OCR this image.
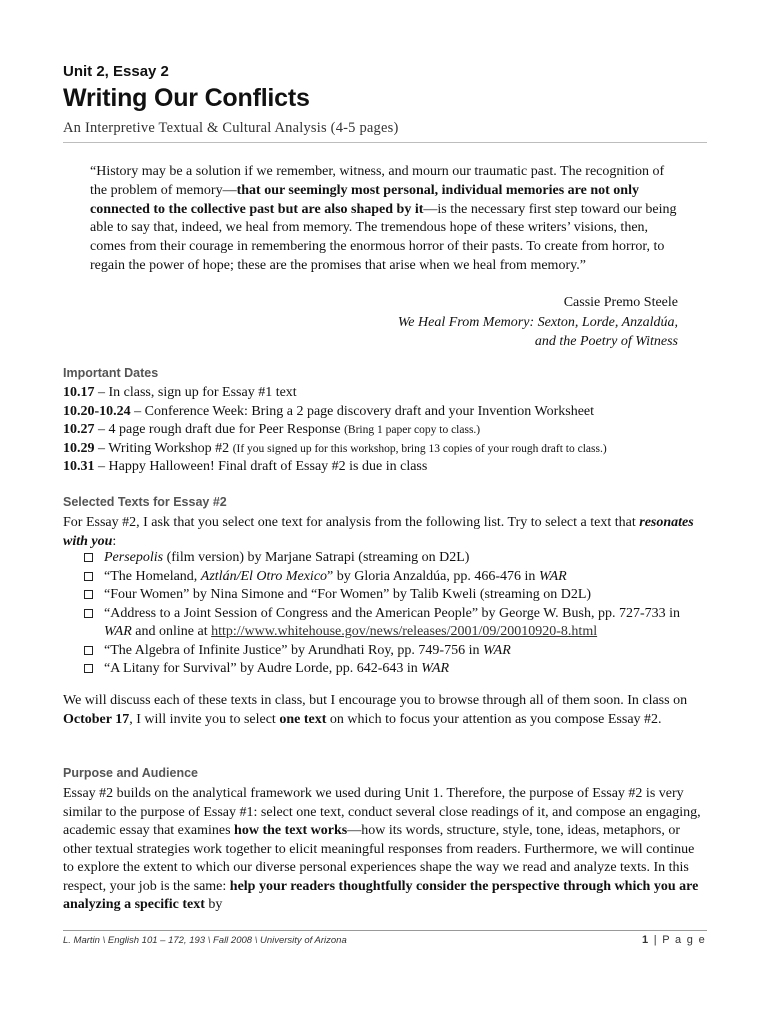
Unit 2, Essay 2
Writing Our Conflicts
An Interpretive Textual & Cultural Analysis (4-5 pages)
“History may be a solution if we remember, witness, and mourn our traumatic past. The recognition of the problem of memory—that our seemingly most personal, individual memories are not only connected to the collective past but are also shaped by it—is the necessary first step toward our being able to say that, indeed, we heal from memory. The tremendous hope of these writers’ visions, then, comes from their courage in remembering the enormous horror of their pasts. To create from horror, to regain the power of hope; these are the promises that arise when we heal from memory.”
Cassie Premo Steele
We Heal From Memory: Sexton, Lorde, Anzaldúa,
and the Poetry of Witness
Important Dates
10.17 – In class, sign up for Essay #1 text
10.20-10.24 – Conference Week: Bring a 2 page discovery draft and your Invention Worksheet
10.27 – 4 page rough draft due for Peer Response (Bring 1 paper copy to class.)
10.29 – Writing Workshop #2 (If you signed up for this workshop, bring 13 copies of your rough draft to class.)
10.31 – Happy Halloween! Final draft of Essay #2 is due in class
Selected Texts for Essay #2
For Essay #2, I ask that you select one text for analysis from the following list. Try to select a text that resonates with you:
Persepolis (film version) by Marjane Satrapi (streaming on D2L)
“The Homeland, Aztlán/El Otro Mexico” by Gloria Anzaldúa, pp. 466-476 in WAR
“Four Women” by Nina Simone and “For Women” by Talib Kweli (streaming on D2L)
“Address to a Joint Session of Congress and the American People” by George W. Bush, pp. 727-733 in WAR and online at http://www.whitehouse.gov/news/releases/2001/09/20010920-8.html
“The Algebra of Infinite Justice” by Arundhati Roy, pp. 749-756 in WAR
“A Litany for Survival” by Audre Lorde, pp. 642-643 in WAR
We will discuss each of these texts in class, but I encourage you to browse through all of them soon. In class on October 17, I will invite you to select one text on which to focus your attention as you compose Essay #2.
Purpose and Audience
Essay #2 builds on the analytical framework we used during Unit 1. Therefore, the purpose of Essay #2 is very similar to the purpose of Essay #1: select one text, conduct several close readings of it, and compose an engaging, academic essay that examines how the text works—how its words, structure, style, tone, ideas, metaphors, or other textual strategies work together to elicit meaningful responses from readers. Furthermore, we will continue to explore the extent to which our diverse personal experiences shape the way we read and analyze texts. In this respect, your job is the same: help your readers thoughtfully consider the perspective through which you are analyzing a specific text by
L. Martin \ English 101 – 172, 193 \ Fall 2008 \ University of Arizona	1 | P a g e
